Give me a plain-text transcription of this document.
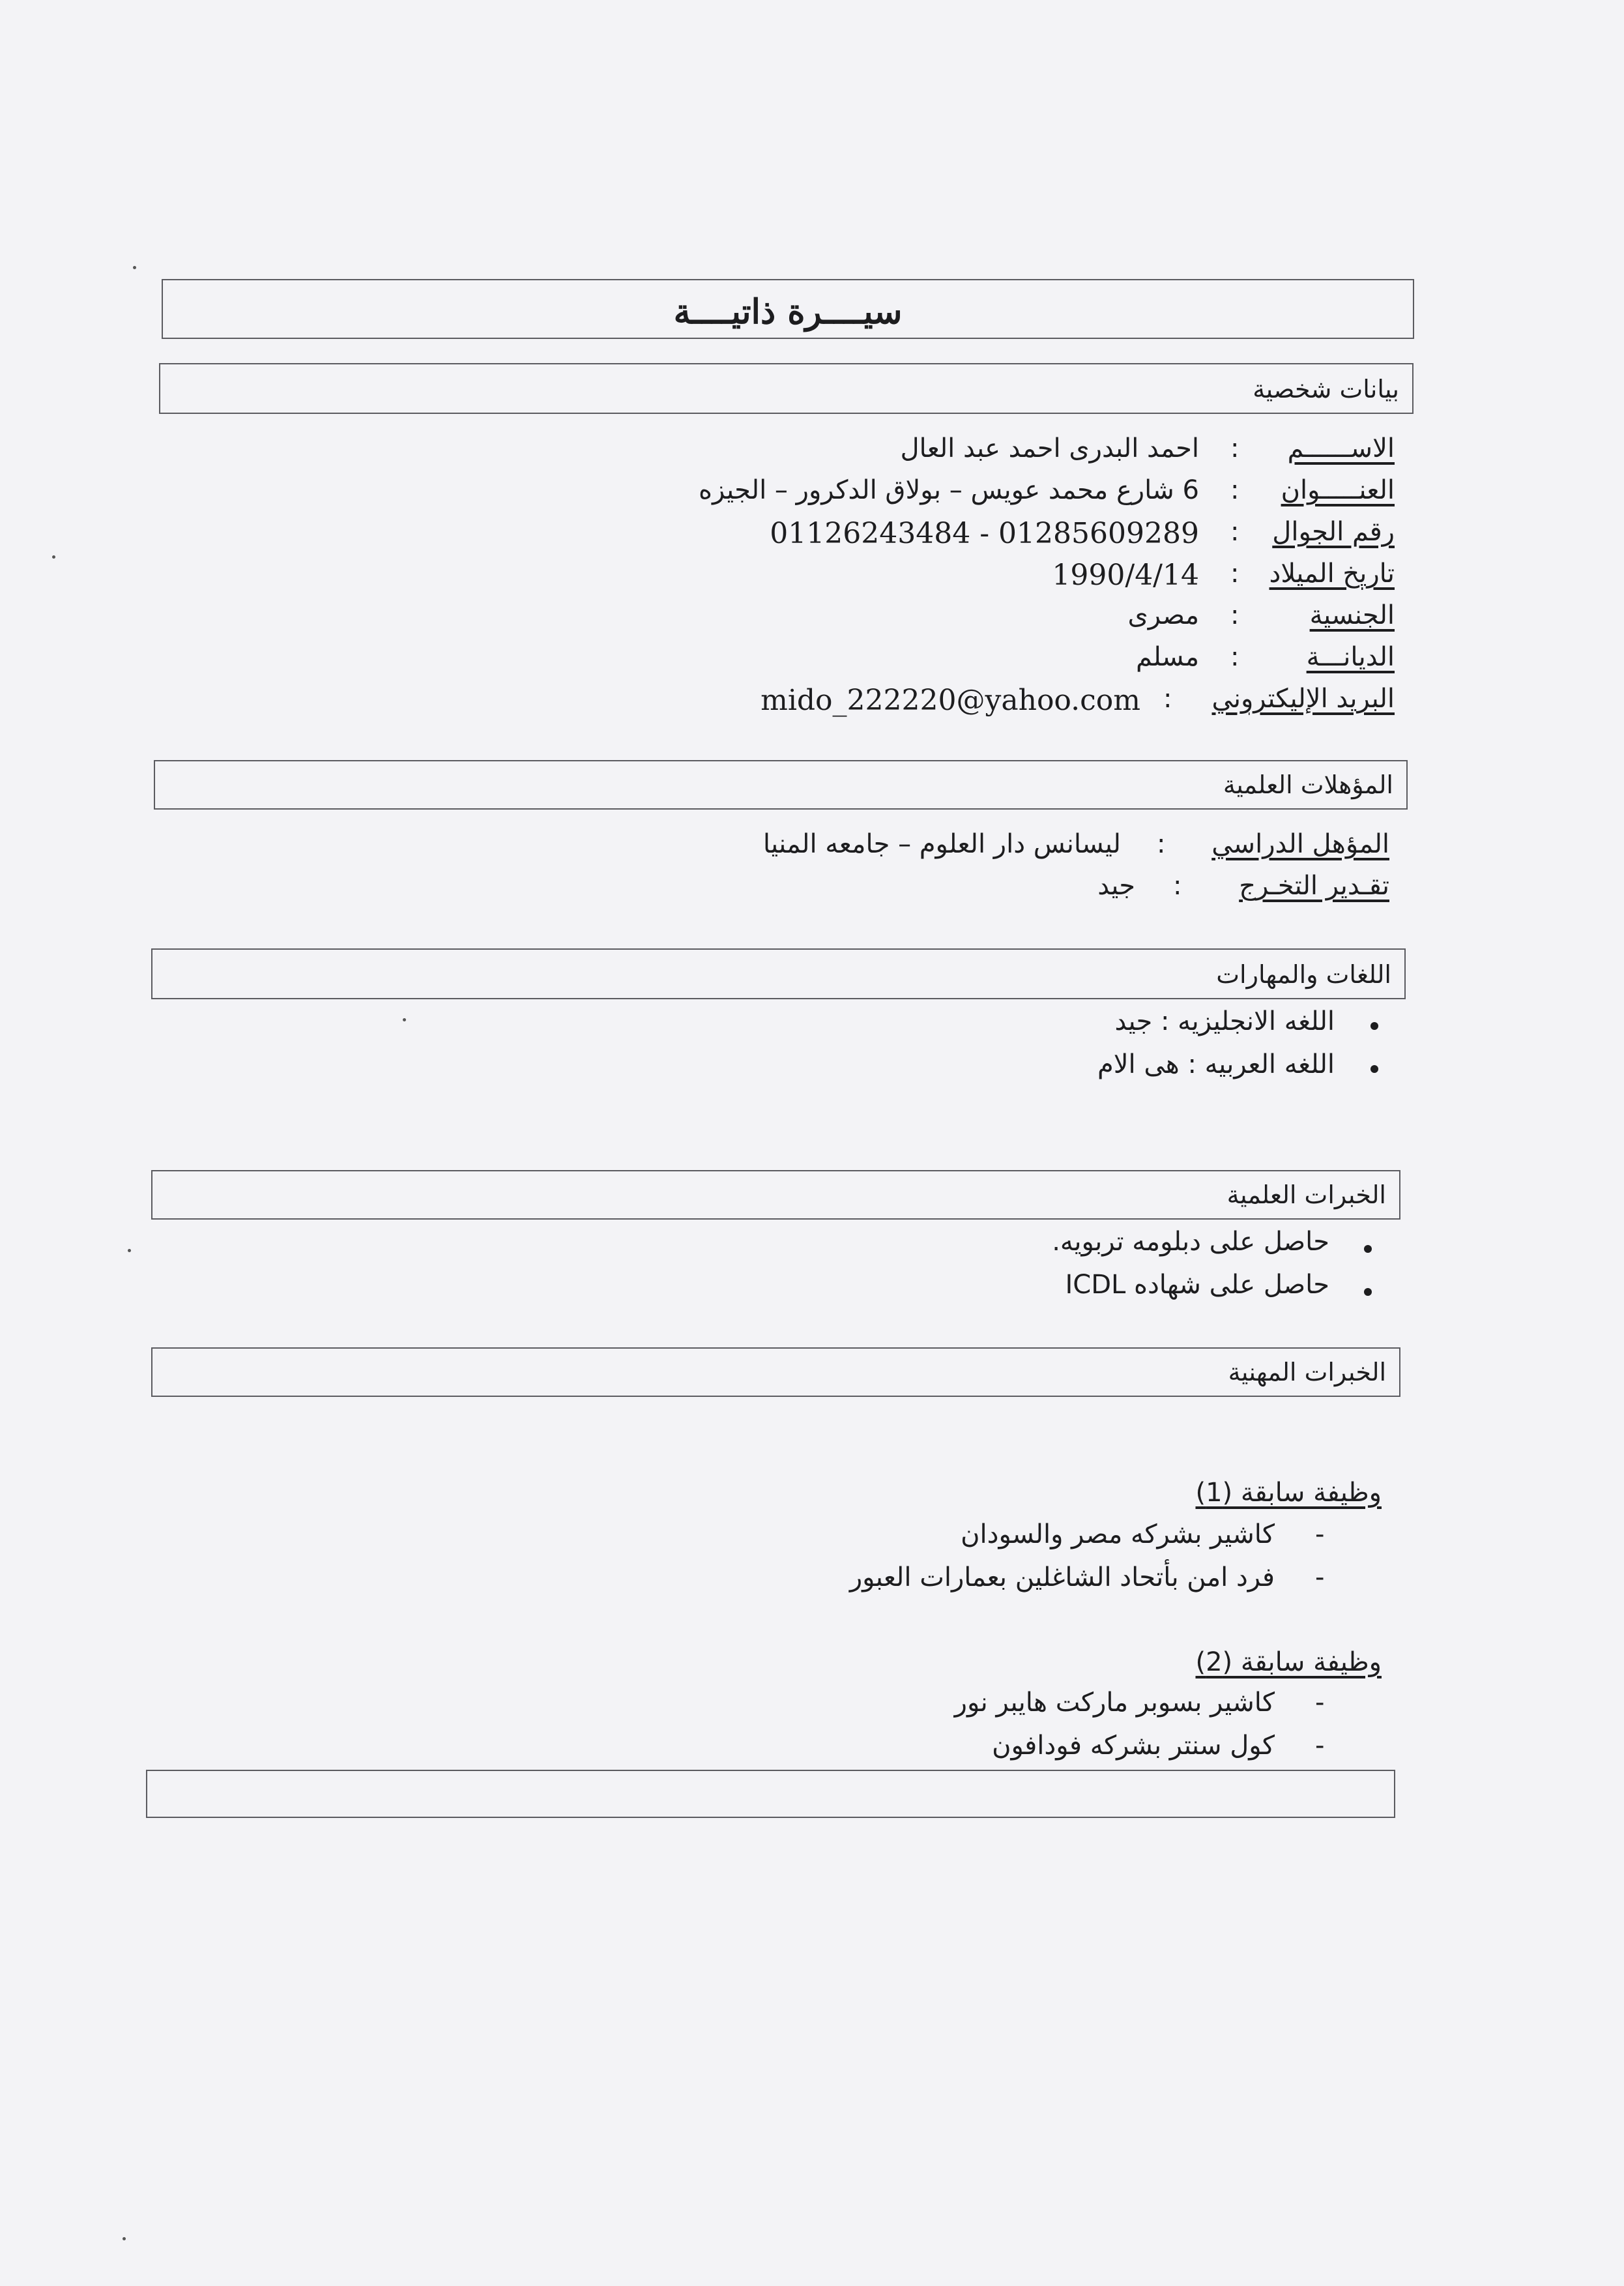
سيــــرة ذاتيــــة
بيانات شخصية
الاســــــم
:
احمد البدرى احمد عبد العال
العنـــــوان
:
6 شارع محمد عويس – بولاق الدكرور – الجيزه
رقم الجوال
:
01126243484 - 01285609289
تاريخ الميلاد
:
1990/4/14
الجنسية
:
مصرى
الديانـــة
:
مسلم
البريد الإليكتروني
:
mido_222220@yahoo.com
المؤهلات العلمية
المؤهل الدراسي
:
ليسانس دار العلوم – جامعه المنيا
تقـدير التخـرج
:
جيد
اللغات والمهارات
اللغه الانجليزيه : جيد
اللغه العربيه : هى الام
الخبرات العلمية
حاصل على دبلومه تربويه.
حاصل على شهاده ICDL
الخبرات المهنية
وظيفة سابقة (1)
-
كاشير بشركه مصر والسودان
-
فرد امن بأتحاد الشاغلين بعمارات العبور
وظيفة سابقة (2)
-
كاشير بسوبر ماركت هايبر نور
-
كول سنتر بشركه فودافون
